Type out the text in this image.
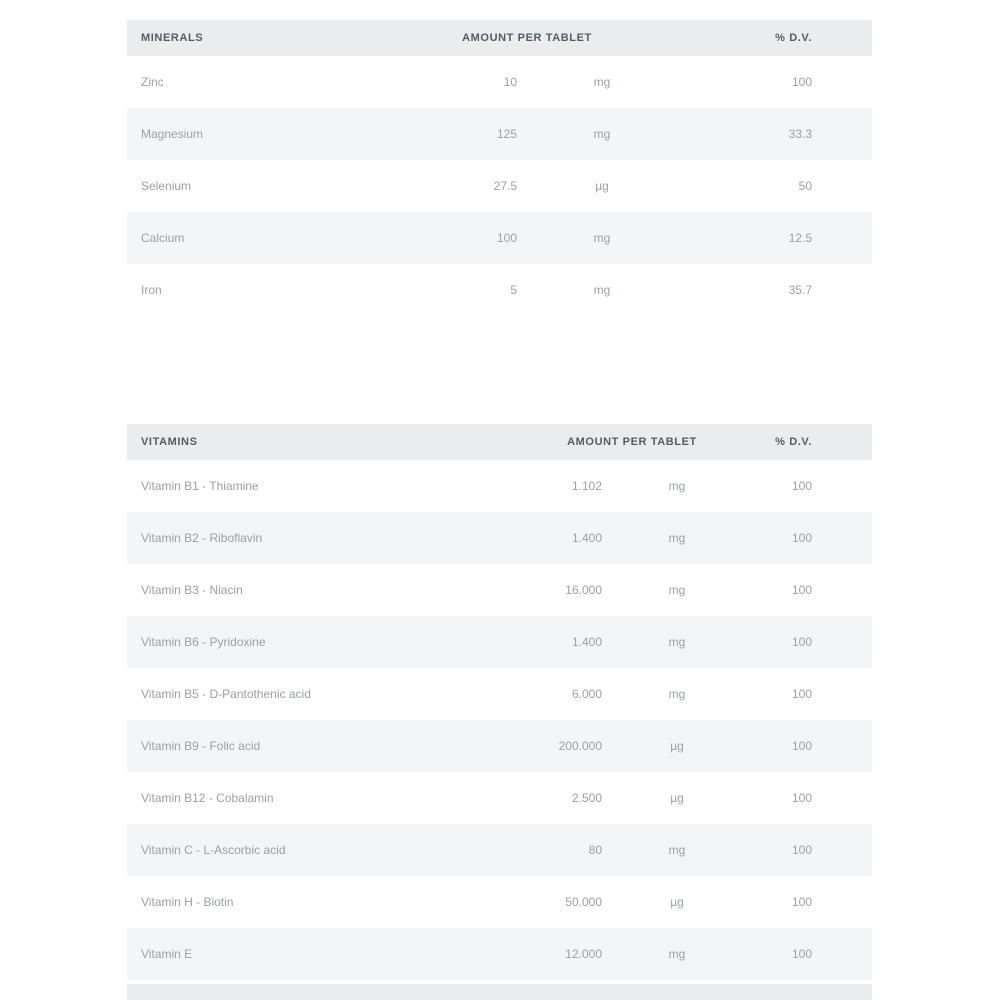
MINERALS	AMOUNT PER TABLET	% D.V.
Zinc	10	mg	100
Magnesium	125	mg	33.3
Selenium	27.5	µg	50
Calcium	100	mg	12.5
Iron	5	mg	35.7
VITAMINS	AMOUNT PER TABLET	% D.V.
Vitamin B1 - Thiamine	1.102	mg	100
Vitamin B2 - Riboflavin	1.400	mg	100
Vitamin B3 - Niacin	16.000	mg	100
Vitamin B6 - Pyridoxine	1.400	mg	100
Vitamin B5 - D-Pantothenic acid	6.000	mg	100
Vitamin B9 - Folic acid	200.000	µg	100
Vitamin B12 - Cobalamin	2.500	µg	100
Vitamin C - L-Ascorbic acid	80	mg	100
Vitamin H - Biotin	50.000	µg	100
Vitamin E	12.000	mg	100
